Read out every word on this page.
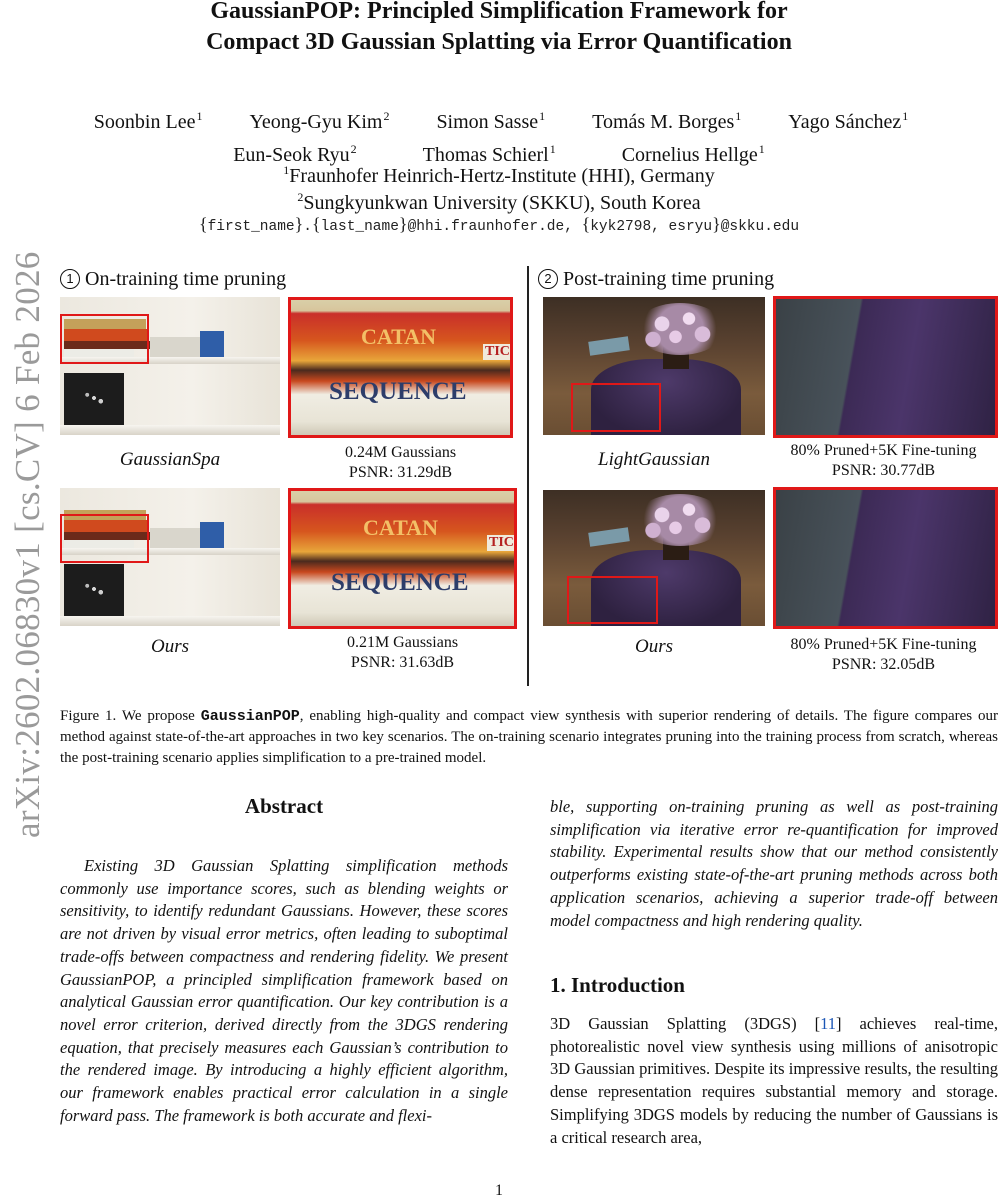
GaussianPOP: Principled Simplification Framework for
Compact 3D Gaussian Splatting via Error Quantification
Soonbin Lee$^1$ Yeong-Gyu Kim$^2$ Simon Sasse$^1$ Tomás M. Borges$^1$ Yago Sánchez$^1$
Eun-Seok Ryu$^2$	Thomas Schierl$^1$	Cornelius Hellge$^1$
$^1$Fraunhofer Heinrich-Hertz-Institute (HHI), Germany
$^2$Sungkyunkwan University (SKKU), South Korea
{first_name}.{last_name}@hhi.fraunhofer.de, {kyk2798, esryu}@skku.edu
arXiv:2602.06830v1 [cs.CV] 6 Feb 2026	1 On-training time pruning	2 Post-training time pruning
CATAN
SEQUENCE
TIC
GaussianSpa	0.24M Gaussians
PSNR: 31.29dB
CATAN
SEQUENCE
TIC
Ours	0.21M Gaussians
PSNR: 31.63dB
LightGaussian	80% Pruned+5K Fine-tuning
PSNR: 30.77dB
Ours	80% Pruned+5K Fine-tuning
PSNR: 32.05dB
Figure 1. We propose GaussianPOP, enabling high-quality and compact view synthesis with superior rendering of details. The figure compares our method against state-of-the-art approaches in two key scenarios. The on-training scenario integrates pruning into the training process from scratch, whereas the post-training scenario applies simplification to a pre-trained model.
Abstract
Existing 3D Gaussian Splatting simplification methods commonly use importance scores, such as blending weights or sensitivity, to identify redundant Gaussians. However, these scores are not driven by visual error metrics, often leading to suboptimal trade-offs between compactness and rendering fidelity. We present GaussianPOP, a principled simplification framework based on analytical Gaussian error quantification. Our key contribution is a novel error criterion, derived directly from the 3DGS rendering equation, that precisely measures each Gaussian’s contribution to the rendered image. By introducing a highly efficient algorithm, our framework enables practical error calculation in a single forward pass. The framework is both accurate and flexi-
ble, supporting on-training pruning as well as post-training simplification via iterative error re-quantification for improved stability. Experimental results show that our method consistently outperforms existing state-of-the-art pruning methods across both application scenarios, achieving a superior trade-off between model compactness and high rendering quality.
1. Introduction
3D Gaussian Splatting (3DGS) [11] achieves real-time, photorealistic novel view synthesis using millions of anisotropic 3D Gaussian primitives. Despite its impressive results, the resulting dense representation requires substantial memory and storage. Simplifying 3DGS models by reducing the number of Gaussians is a critical research area,
1
